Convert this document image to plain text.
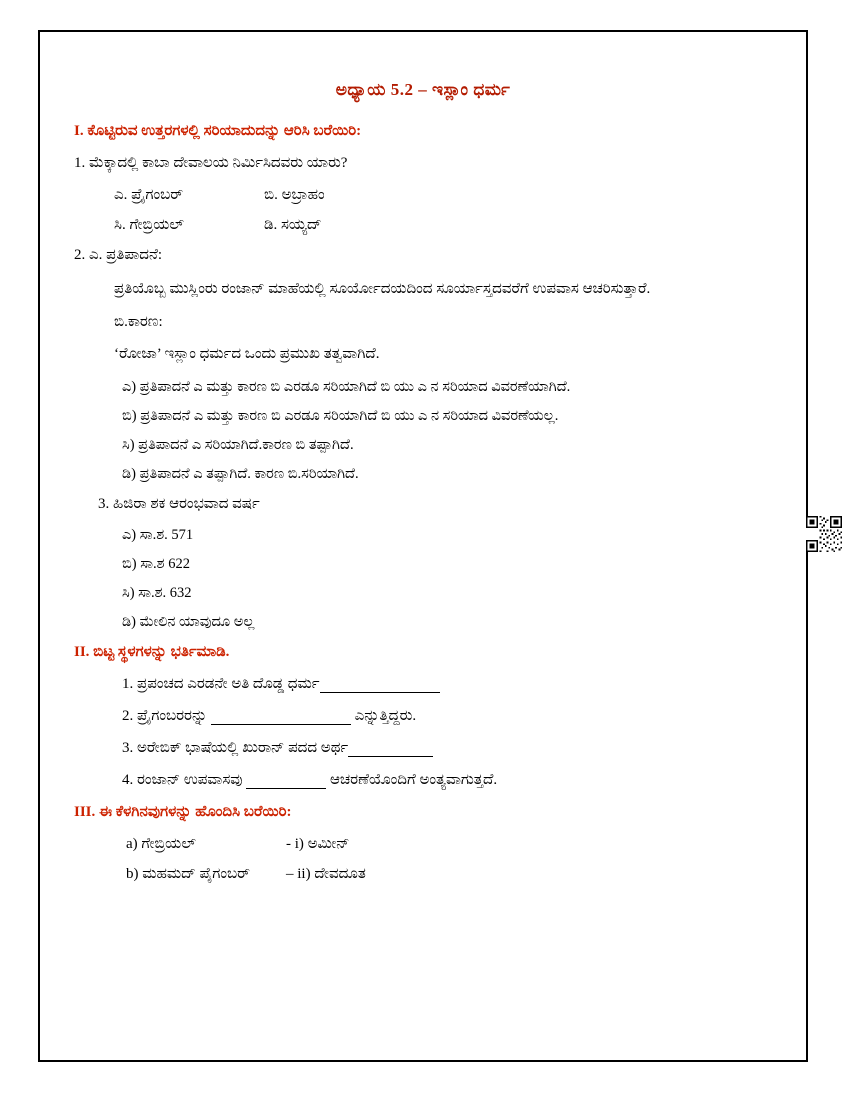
ಅಧ್ಯಾಯ 5.2 – ಇಸ್ಲಾಂ ಧರ್ಮ
I. ಕೊಟ್ಟಿರುವ ಉತ್ತರಗಳಲ್ಲಿ ಸರಿಯಾದುದನ್ನು ಆರಿಸಿ ಬರೆಯಿರಿ:
1. ಮೆಕ್ಕಾದಲ್ಲಿ ಕಾಬಾ ದೇವಾಲಯ ನಿರ್ಮಿಸಿದವರು ಯಾರು?
ಎ. ಪ್ರೈಗಂಬರ್	ಬಿ. ಅಬ್ರಾಹಂ
ಸಿ. ಗೇಬ್ರಿಯಲ್	ಡಿ. ಸಯ್ಯದ್
2. ಎ. ಪ್ರತಿಪಾದನೆ:
ಪ್ರತಿಯೊಬ್ಬ ಮುಸ್ಲಿಂರು ರಂಜಾನ್ ಮಾಹೆಯಲ್ಲಿ ಸೂರ್ಯೋದಯದಿಂದ ಸೂರ್ಯಾಸ್ತದವರೆಗೆ ಉಪವಾಸ ಆಚರಿಸುತ್ತಾರೆ.
ಬಿ.ಕಾರಣ:
‘ರೋಜಾ’ ಇಸ್ಲಾಂ ಧರ್ಮದ ಒಂದು ಪ್ರಮುಖ ತತ್ವವಾಗಿದೆ.
ಎ) ಪ್ರತಿಪಾದನೆ ಎ ಮತ್ತು ಕಾರಣ ಬಿ ಎರಡೂ ಸರಿಯಾಗಿದೆ ಬಿ ಯು ಎ ನ ಸರಿಯಾದ ವಿವರಣೆಯಾಗಿದೆ.
ಬಿ) ಪ್ರತಿಪಾದನೆ ಎ ಮತ್ತು ಕಾರಣ ಬಿ ಎರಡೂ ಸರಿಯಾಗಿದೆ ಬಿ ಯು ಎ ನ ಸರಿಯಾದ ವಿವರಣೆಯಲ್ಲ.
ಸಿ) ಪ್ರತಿಪಾದನೆ ಎ ಸರಿಯಾಗಿದೆ.ಕಾರಣ ಬಿ ತಪ್ಪಾಗಿದೆ.
ಡಿ) ಪ್ರತಿಪಾದನೆ ಎ ತಪ್ಪಾಗಿದೆ. ಕಾರಣ ಬಿ.ಸರಿಯಾಗಿದೆ.
3. ಹಿಜಿರಾ ಶಕ ಆರಂಭವಾದ ವರ್ಷ
ಎ) ಸಾ.ಶ. 571
ಬಿ) ಸಾ.ಶ 622
ಸಿ) ಸಾ.ಶ. 632
ಡಿ) ಮೇಲಿನ ಯಾವುದೂ ಅಲ್ಲ
II. ಬಿಟ್ಟ ಸ್ಥಳಗಳನ್ನು ಭರ್ತಿಮಾಡಿ.
1. ಪ್ರಪಂಚದ ಎರಡನೇ ಅತಿ ದೊಡ್ಡ ಧರ್ಮ
2. ಪ್ರೈಗಂಬರರನ್ನು	ಎನ್ನುತ್ತಿದ್ದರು.
3. ಅರೇಬಿಕ್ ಭಾಷೆಯಲ್ಲಿ ಖುರಾನ್ ಪದದ ಅರ್ಥ
4. ರಂಜಾನ್ ಉಪವಾಸವು	ಆಚರಣೆಯೊಂದಿಗೆ ಅಂತ್ಯವಾಗುತ್ತದೆ.
III. ಈ ಕೆಳಗಿನವುಗಳನ್ನು ಹೊಂದಿಸಿ ಬರೆಯಿರಿ:
a) ಗೇಬ್ರಿಯಲ್	- i) ಅಮೀನ್
b) ಮಹಮದ್ ಪೈಗಂಬರ್ – ii) ದೇವದೂತ
